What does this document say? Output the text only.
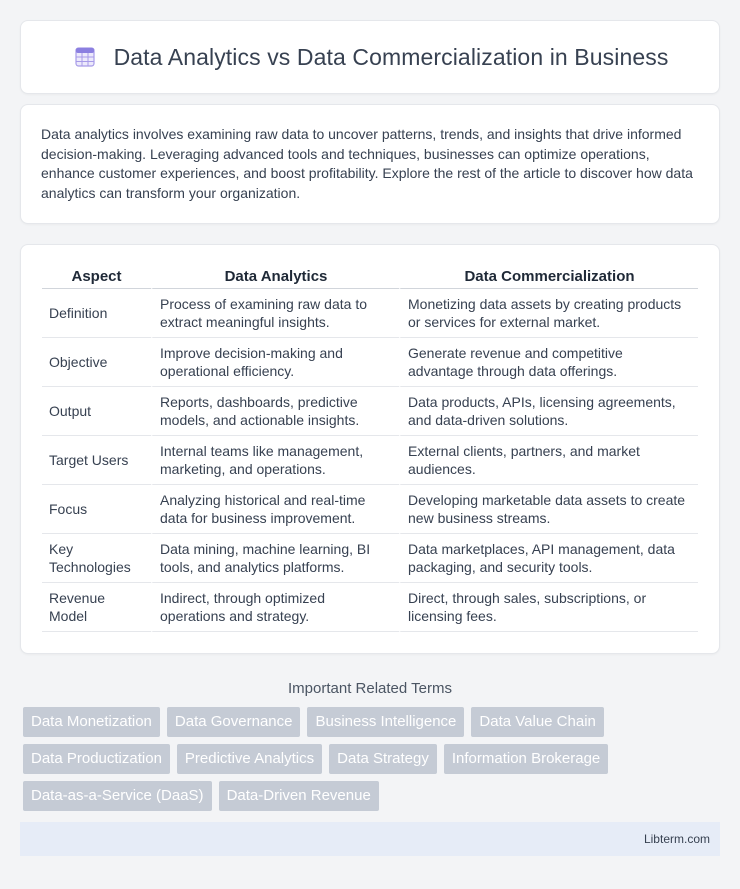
Data Analytics vs Data Commercialization in Business

Data analytics involves examining raw data to uncover patterns, trends, and insights that drive informed decision-making. Leveraging advanced tools and techniques, businesses can optimize operations, enhance customer experiences, and boost profitability. Explore the rest of the article to discover how data analytics can transform your organization.

Aspect	Data Analytics	Data Commercialization
Definition	Process of examining raw data to extract meaningful insights.	Monetizing data assets by creating products or services for external market.
Objective	Improve decision-making and operational efficiency.	Generate revenue and competitive advantage through data offerings.
Output	Reports, dashboards, predictive models, and actionable insights.	Data products, APIs, licensing agreements, and data-driven solutions.
Target Users	Internal teams like management, marketing, and operations.	External clients, partners, and market audiences.
Focus	Analyzing historical and real-time data for business improvement.	Developing marketable data assets to create new business streams.
Key Technologies	Data mining, machine learning, BI tools, and analytics platforms.	Data marketplaces, API management, data packaging, and security tools.
Revenue Model	Indirect, through optimized operations and strategy.	Direct, through sales, subscriptions, or licensing fees.
Important Related Terms
Data Monetization	Data Governance	Business Intelligence	Data Value Chain
Data Productization	Predictive Analytics	Data Strategy	Information Brokerage
Data-as-a-Service (DaaS)	Data-Driven Revenue
Libterm.com
